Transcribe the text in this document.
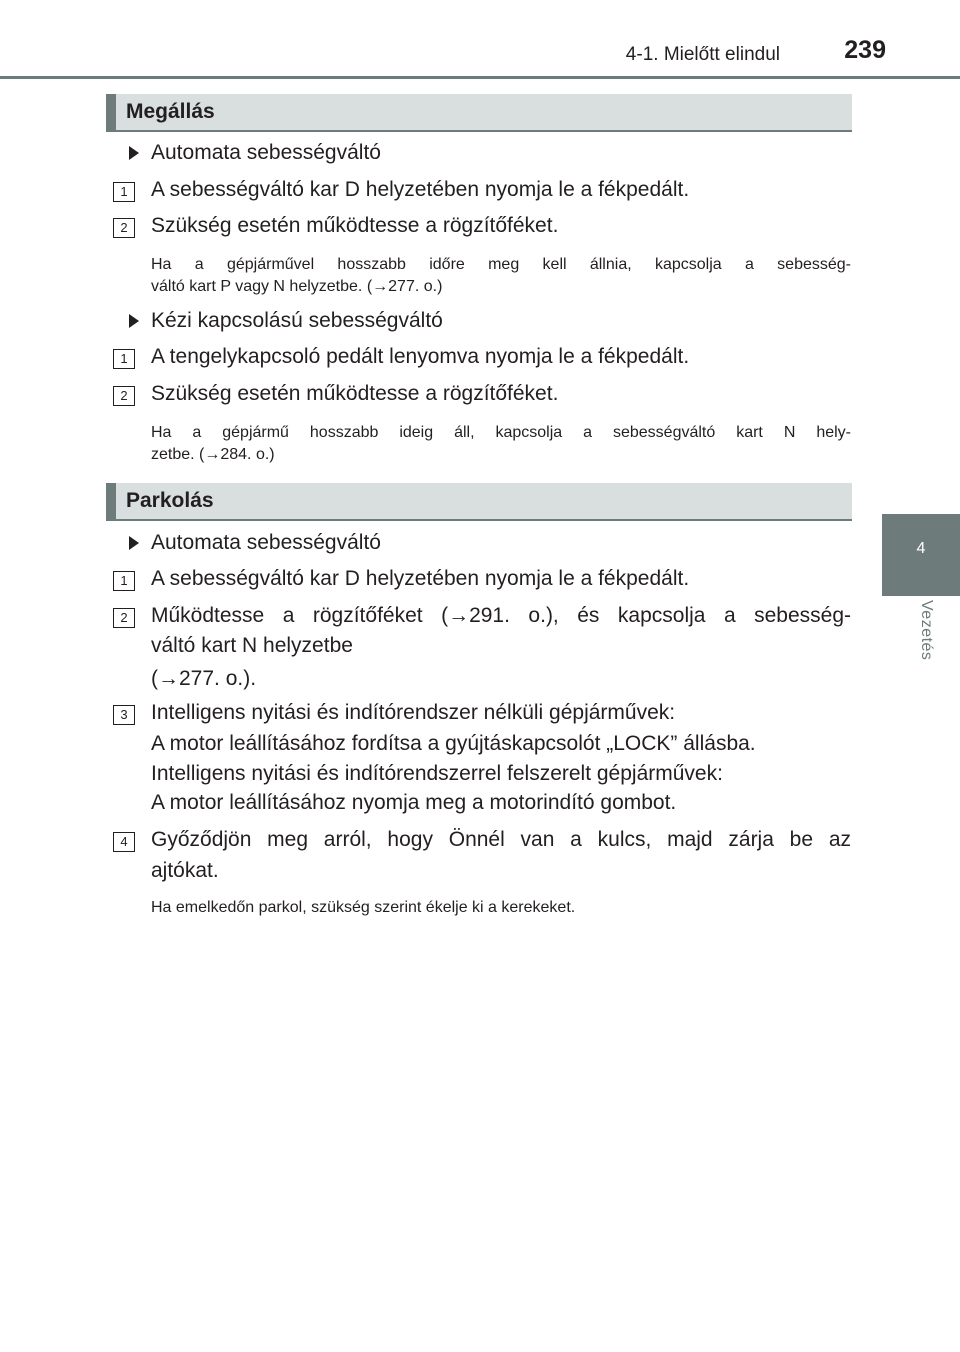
4-1. Mielőtt elindul	239
4
Vezetés
Megállás
Automata sebességváltó
1	A sebességváltó kar D helyzetében nyomja le a fékpedált.
2	Szükség esetén működtesse a rögzítőféket.
Ha a gépjárművel hosszabb időre meg kell állnia, kapcsolja a sebesség-
váltó kart P vagy N helyzetbe. (→277. o.)
Kézi kapcsolású sebességváltó
1	A tengelykapcsoló pedált lenyomva nyomja le a fékpedált.
2	Szükség esetén működtesse a rögzítőféket.
Ha a gépjármű hosszabb ideig áll, kapcsolja a sebességváltó kart N hely-
zetbe. (→284. o.)
Parkolás
Automata sebességváltó
1	A sebességváltó kar D helyzetében nyomja le a fékpedált.
2	Működtesse a rögzítőféket (→291. o.), és kapcsolja a sebesség-
váltó kart N helyzetbe
(→277. o.).
3	Intelligens nyitási és indítórendszer nélküli gépjárművek:
A motor leállításához fordítsa a gyújtáskapcsolót „LOCK” állásba.
Intelligens nyitási és indítórendszerrel felszerelt gépjárművek:
A motor leállításához nyomja meg a motorindító gombot.
4	Győződjön meg arról, hogy Önnél van a kulcs, majd zárja be az
ajtókat.
Ha emelkedőn parkol, szükség szerint ékelje ki a kerekeket.
